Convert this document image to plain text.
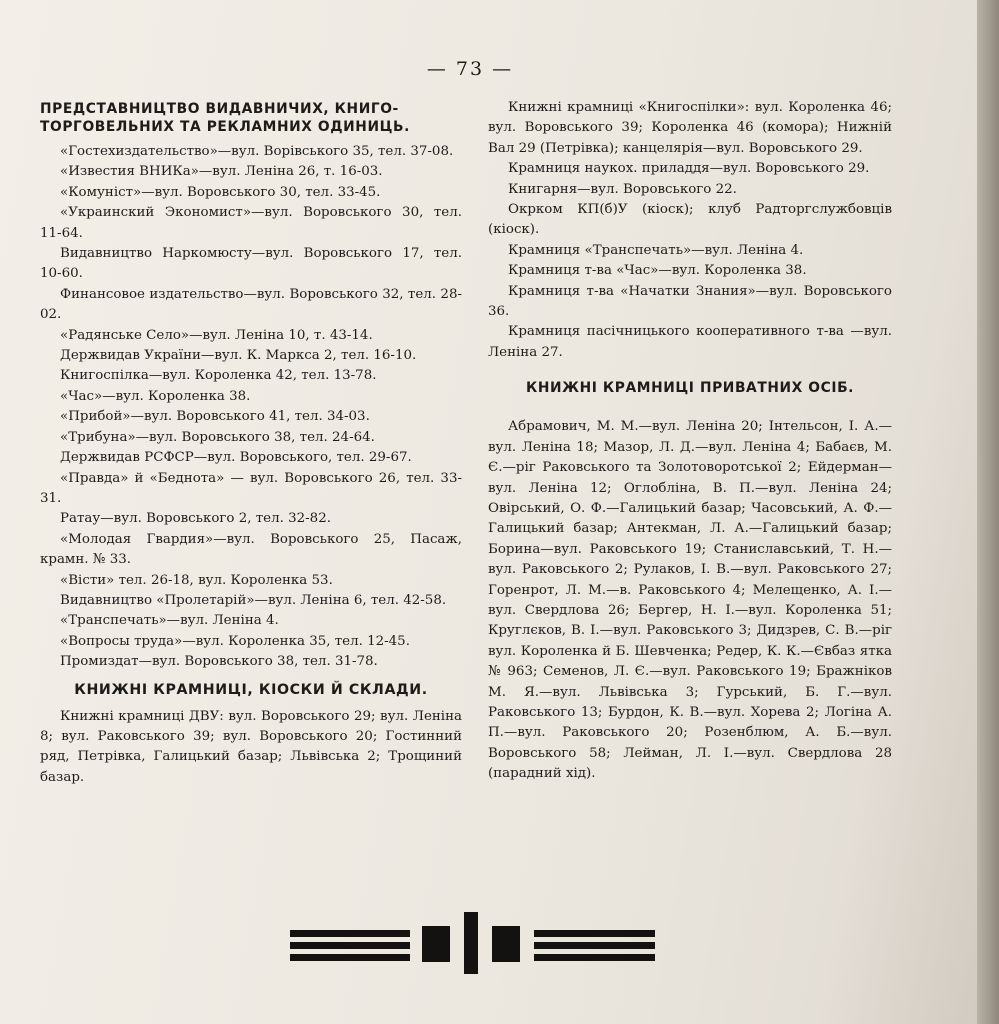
— 73 —
ПРЕДСТАВНИЦТВО ВИДАВНИЧИХ, КНИГО-ТОРГОВЕЛЬНИХ ТА РЕКЛАМНИХ ОДИНИЦЬ.

«Гостехиздательство»—вул. Ворівського 35, тел. 37-08.

«Известия ВНИКа»—вул. Леніна 26, т. 16-03.

«Комуніст»—вул. Воровського 30, тел. 33-45.

«Украинский Экономист»—вул. Воровського 30, тел. 11-64.

Видавництво Наркомюсту—вул. Воровського 17, тел. 10-60.

Финансовое издательство—вул. Воровського 32, тел. 28-02.

«Радянське Село»—вул. Леніна 10, т. 43-14.

Держвидав України—вул. К. Маркса 2, тел. 16-10.

Книгоспілка—вул. Короленка 42, тел. 13-78.

«Час»—вул. Короленка 38.

«Прибой»—вул. Воровського 41, тел. 34-03.

«Трибуна»—вул. Воровського 38, тел. 24-64.

Держвидав РСФСР—вул. Воровського, тел. 29-67.

«Правда» й «Беднота» — вул. Воровського 26, тел. 33-31.

Ратау—вул. Воровського 2, тел. 32-82.

«Молодая Гвардия»—вул. Воровського 25, Пасаж, крамн. № 33.

«Вісти» тел. 26-18, вул. Короленка 53.

Видавництво «Пролетарій»—вул. Леніна 6, тел. 42-58.

«Транспечать»—вул. Леніна 4.

«Вопросы труда»—вул. Короленка 35, тел. 12-45.

Промиздат—вул. Воровського 38, тел. 31-78.

КНИЖНІ КРАМНИЦІ, КІОСКИ Й СКЛАДИ.

Книжні крамниці ДВУ: вул. Воровського 29; вул. Леніна 8; вул. Раковського 39; вул. Воровського 20; Гостинний ряд, Петрівка, Галицький базар; Львівська 2; Трощиний базар.

Книжні крамниці «Книгоспілки»: вул. Короленка 46; вул. Воровського 39; Короленка 46 (комора); Нижній Вал 29 (Петрівка); канцелярія—вул. Воровського 29.

Крамниця наукох. приладдя—вул. Воровського 29.

Книгарня—вул. Воровського 22.

Окрком КП(б)У (кіоск); клуб Радторгслужбовців (кіоск).

Крамниця «Транспечать»—вул. Леніна 4.

Крамниця т-ва «Час»—вул. Короленка 38.

Крамниця т-ва «Начатки Знания»—вул. Воровського 36.

Крамниця пасічницького кооперативного т-ва —вул. Леніна 27.

КНИЖНІ КРАМНИЦІ ПРИВАТНИХ ОСІБ.

Абрамович, М. М.—вул. Леніна 20; Інтельсон, І. А.—вул. Леніна 18; Мазор, Л. Д.—вул. Леніна 4; Бабаєв, М. Є.—ріг Раковського та Золотоворотської 2; Ейдерман—вул. Леніна 12; Оглобліна, В. П.—вул. Леніна 24; Овірський, О. Ф.—Галицький базар; Часовський, А. Ф.—Галицький базар; Антекман, Л. А.—Галицький базар; Борина—вул. Раковського 19; Станиславський, Т. Н.—вул. Раковського 2; Рулаков, І. В.—вул. Раковського 27; Горенрот, Л. М.—в. Раковського 4; Мелещенко, А. І.—вул. Свердлова 26; Бергер, Н. І.—вул. Короленка 51; Круглєков, В. І.—вул. Раковського 3; Дидзрев, С. В.—ріг вул. Короленка й Б. Шевченка; Редер, К. К.—Євбаз ятка № 963; Семенов, Л. Є.—вул. Раковського 19; Бражніков М. Я.—вул. Львівська 3; Гурський, Б. Г.—вул. Раковського 13; Бурдон, К. В.—вул. Хорева 2; Логіна А. П.—вул. Раковського 20; Розенблюм, А. Б.—вул. Воровського 58; Лейман, Л. І.—вул. Свердлова 28 (парадний хід).
